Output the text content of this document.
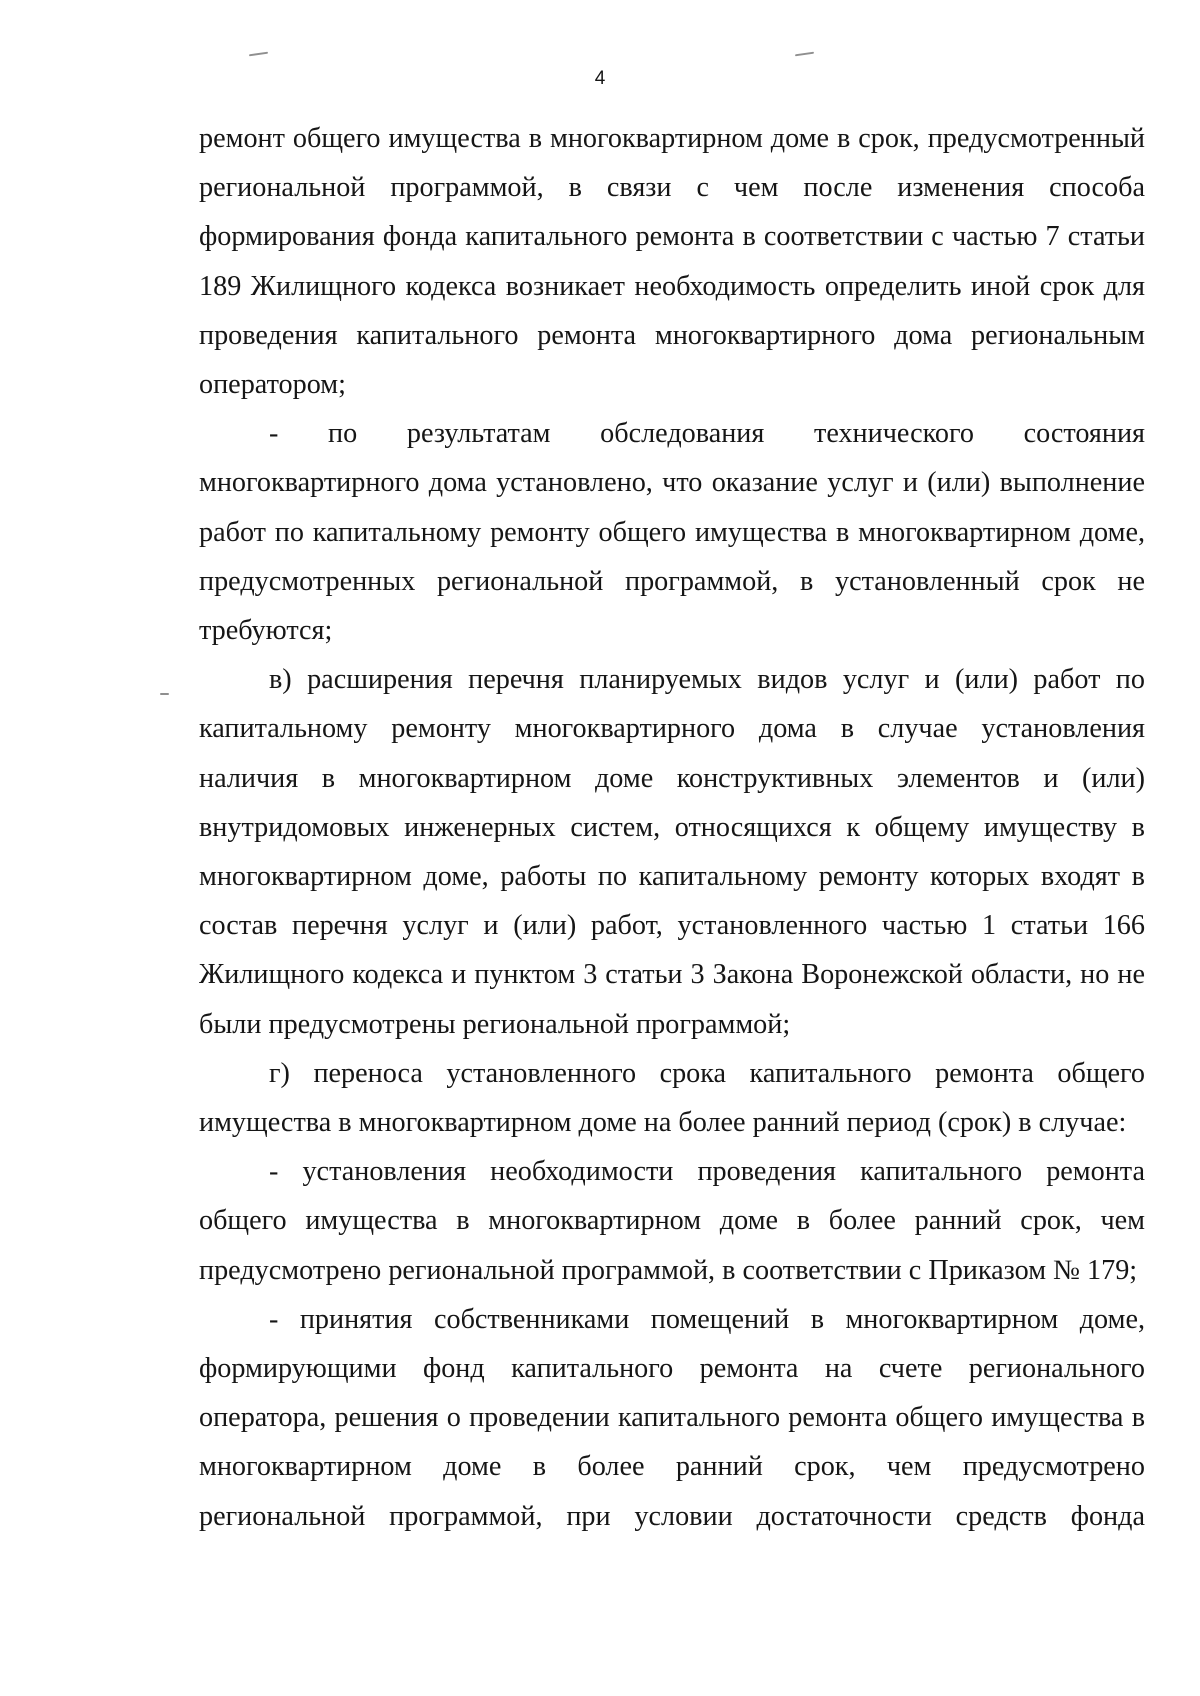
4

ремонт общего имущества в многоквартирном доме в срок, предусмотренный региональной программой, в связи с чем после изменения способа формирования фонда капитального ремонта в соответствии с частью 7 статьи 189 Жилищного кодекса возникает необходимость определить иной срок для проведения капитального ремонта многоквартирного дома региональным оператором;

- по результатам обследования технического состояния многоквартирного дома установлено, что оказание услуг и (или) выполнение работ по капитальному ремонту общего имущества в многоквартирном доме, предусмотренных региональной программой, в установленный срок не требуются;

в) расширения перечня планируемых видов услуг и (или) работ по капитальному ремонту многоквартирного дома в случае установления наличия в многоквартирном доме конструктивных элементов и (или) внутридомовых инженерных систем, относящихся к общему имуществу в многоквартирном доме, работы по капитальному ремонту которых входят в состав перечня услуг и (или) работ, установленного частью 1 статьи 166 Жилищного кодекса и пунктом 3 статьи 3 Закона Воронежской области, но не были предусмотрены региональной программой;

г) переноса установленного срока капитального ремонта общего имущества в многоквартирном доме на более ранний период (срок) в случае:

- установления необходимости проведения капитального ремонта общего имущества в многоквартирном доме в более ранний срок, чем предусмотрено региональной программой, в соответствии с Приказом № 179;

- принятия собственниками помещений в многоквартирном доме, формирующими фонд капитального ремонта на счете регионального оператора, решения о проведении капитального ремонта общего имущества в многоквартирном доме в более ранний срок, чем предусмотрено региональной программой, при условии достаточности средств фонда
